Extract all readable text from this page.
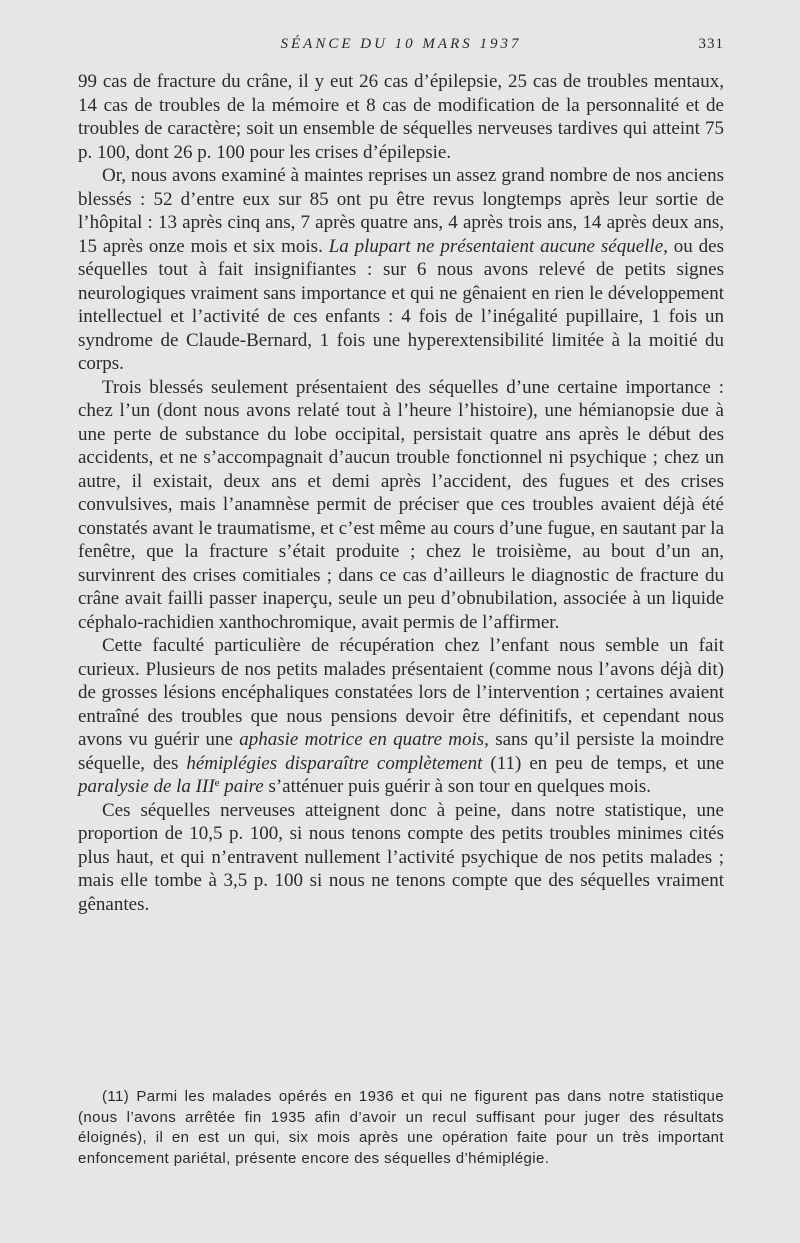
SÉANCE DU 10 MARS 1937	331

99 cas de fracture du crâne, il y eut 26 cas d’épilepsie, 25 cas de troubles mentaux, 14 cas de troubles de la mémoire et 8 cas de modification de la personnalité et de troubles de caractère; soit un ensemble de séquelles nerveuses tardives qui atteint 75 p. 100, dont 26 p. 100 pour les crises d’épilepsie.

Or, nous avons examiné à maintes reprises un assez grand nombre de nos anciens blessés : 52 d’entre eux sur 85 ont pu être revus longtemps après leur sortie de l’hôpital : 13 après cinq ans, 7 après quatre ans, 4 après trois ans, 14 après deux ans, 15 après onze mois et six mois. La plupart ne présentaient aucune séquelle, ou des séquelles tout à fait insignifiantes : sur 6 nous avons relevé de petits signes neurologiques vraiment sans importance et qui ne gênaient en rien le développement intellectuel et l’activité de ces enfants : 4 fois de l’inégalité pupillaire, 1 fois un syndrome de Claude-Bernard, 1 fois une hyperextensibilité limitée à la moitié du corps.

Trois blessés seulement présentaient des séquelles d’une certaine importance : chez l’un (dont nous avons relaté tout à l’heure l’histoire), une hémianopsie due à une perte de substance du lobe occipital, persistait quatre ans après le début des accidents, et ne s’accompagnait d’aucun trouble fonctionnel ni psychique ; chez un autre, il existait, deux ans et demi après l’accident, des fugues et des crises convulsives, mais l’anamnèse permit de préciser que ces troubles avaient déjà été constatés avant le traumatisme, et c’est même au cours d’une fugue, en sautant par la fenêtre, que la fracture s’était produite ; chez le troisième, au bout d’un an, survinrent des crises comitiales ; dans ce cas d’ailleurs le diagnostic de fracture du crâne avait failli passer inaperçu, seule un peu d’obnubilation, associée à un liquide céphalo-rachidien xanthochromique, avait permis de l’affirmer.

Cette faculté particulière de récupération chez l’enfant nous semble un fait curieux. Plusieurs de nos petits malades présentaient (comme nous l’avons déjà dit) de grosses lésions encéphaliques constatées lors de l’intervention ; certaines avaient entraîné des troubles que nous pensions devoir être définitifs, et cependant nous avons vu guérir une aphasie motrice en quatre mois, sans qu’il persiste la moindre séquelle, des hémiplégies disparaître complètement (11) en peu de temps, et une paralysie de la IIIe paire s’atténuer puis guérir à son tour en quelques mois.

Ces séquelles nerveuses atteignent donc à peine, dans notre statistique, une proportion de 10,5 p. 100, si nous tenons compte des petits troubles minimes cités plus haut, et qui n’entravent nullement l’activité psychique de nos petits malades ; mais elle tombe à 3,5 p. 100 si nous ne tenons compte que des séquelles vraiment gênantes.

(11) Parmi les malades opérés en 1936 et qui ne figurent pas dans notre statistique (nous l’avons arrêtée fin 1935 afin d’avoir un recul suffisant pour juger des résultats éloignés), il en est un qui, six mois après une opération faite pour un très important enfoncement pariétal, présente encore des séquelles d’hémiplégie.
